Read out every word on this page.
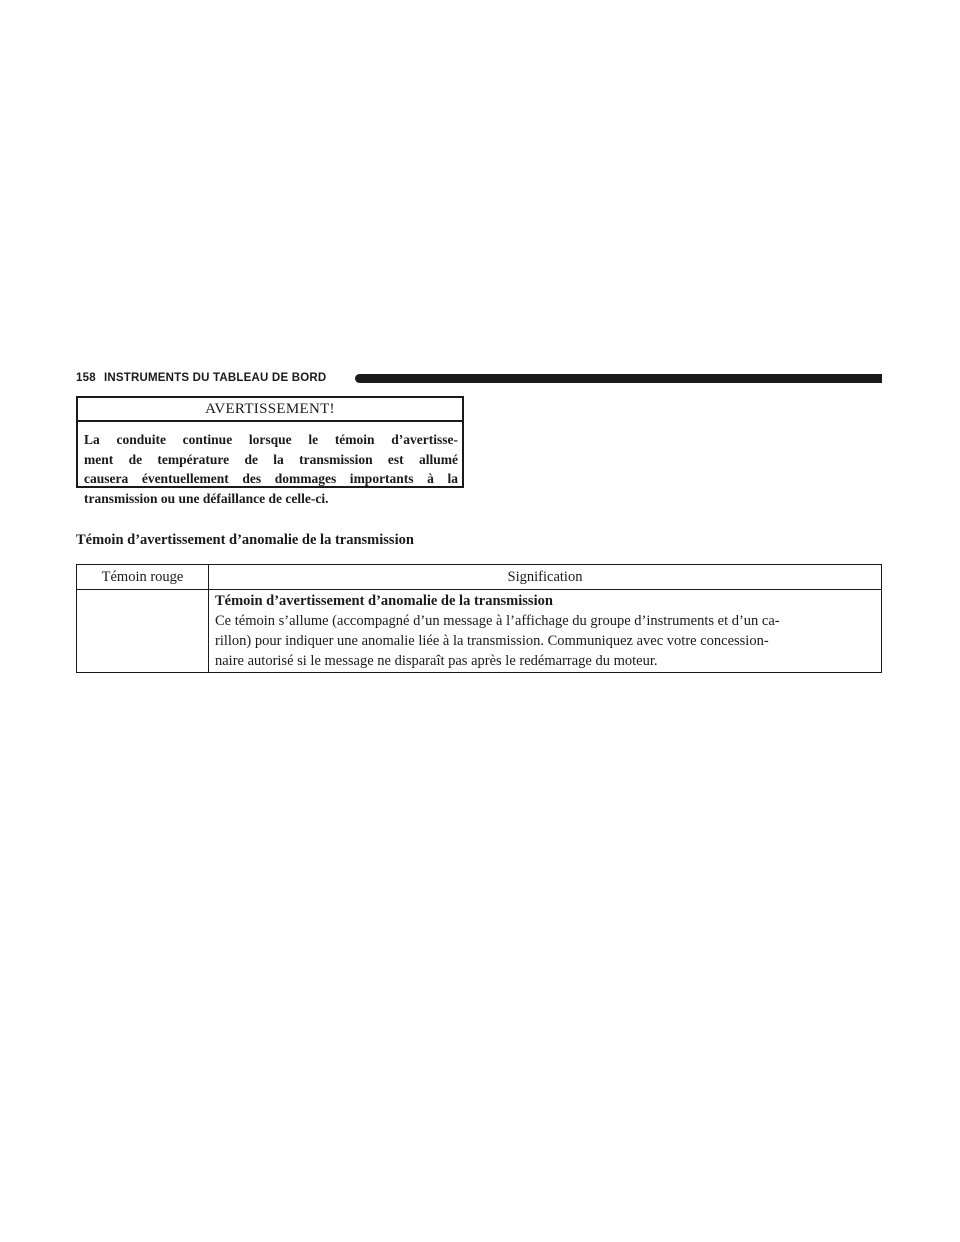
158 INSTRUMENTS DU TABLEAU DE BORD
AVERTISSEMENT!
La conduite continue lorsque le témoin d’avertisse-
ment de température de la transmission est allumé
causera éventuellement des dommages importants à la
transmission ou une défaillance de celle-ci.
Témoin d’avertissement d’anomalie de la transmission
Témoin rouge	Signification

	Témoin d’avertissement d’anomalie de la transmission
Ce témoin s’allume (accompagné d’un message à l’affichage du groupe d’instruments et d’un ca-
rillon) pour indiquer une anomalie liée à la transmission. Communiquez avec votre concession-
naire autorisé si le message ne disparaît pas après le redémarrage du moteur.
